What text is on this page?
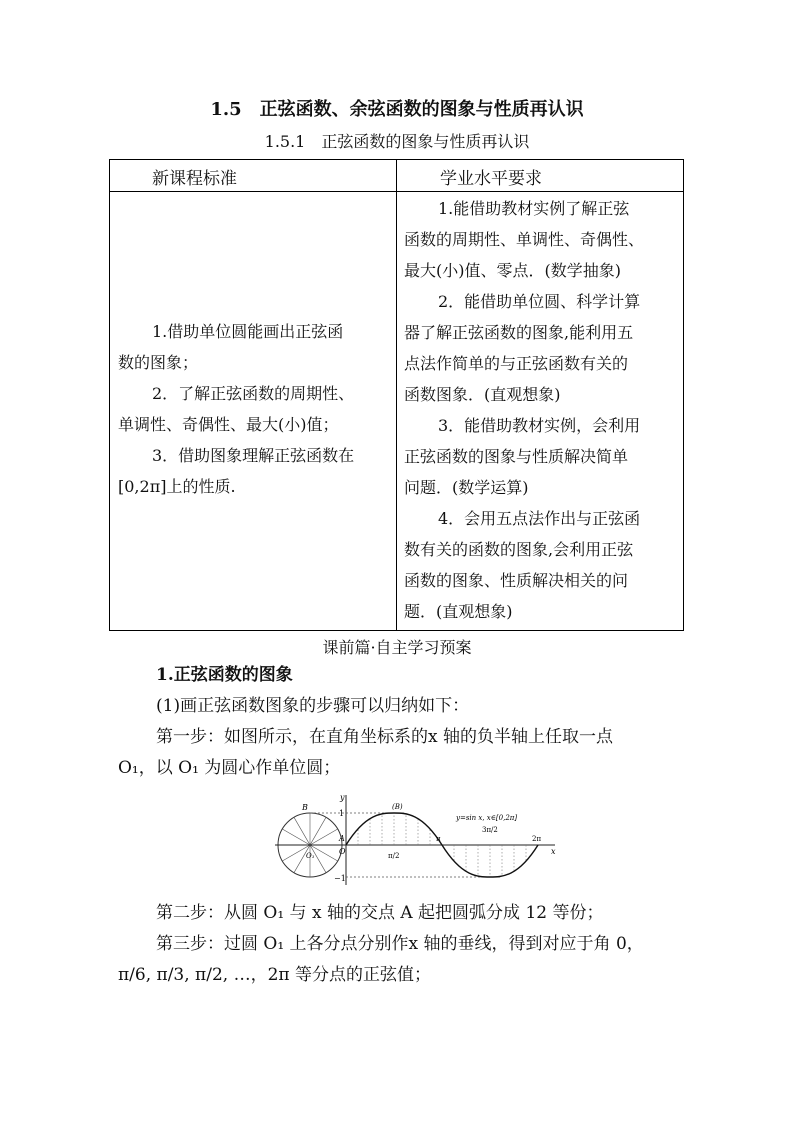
1.5　正弦函数、余弦函数的图象与性质再认识
1.5.1　正弦函数的图象与性质再认识
新课程标准	学业水平要求

1.借助单位圆能画出正弦函

数的图象；

2．了解正弦函数的周期性、

单调性、奇偶性、最大(小)值；

3．借助图象理解正弦函数在

[0,2π]上的性质.

1.能借助教材实例了解正弦

函数的周期性、单调性、奇偶性、

最大(小)值、零点．(数学抽象)

2．能借助单位圆、科学计算

器了解正弦函数的图象,能利用五

点法作简单的与正弦函数有关的

函数图象．(直观想象)

3．能借助教材实例，会利用

正弦函数的图象与性质解决简单

问题．(数学运算)

4．会用五点法作出与正弦函

数有关的函数的图象,会利用正弦

函数的图象、性质解决相关的问

题．(直观想象)

课前篇·自主学习预案

1.正弦函数的图象

(1)画正弦函数图象的步骤可以归纳如下：

第一步：如图所示，在直角坐标系的x 轴的负半轴上任取一点

O₁，以 O₁ 为圆心作单位圆；

y
x
1
−1
O
O₁
A
B	(B)
π/2
π
3π/2
2π
y=sin x, x∈[0,2π]

第二步：从圆 O₁ 与 x 轴的交点 A 起把圆弧分成 12 等份；

第三步：过圆 O₁ 上各分点分别作x 轴的垂线，得到对应于角 0，

π/6, π/3, π/2, …，2π 等分点的正弦值；
